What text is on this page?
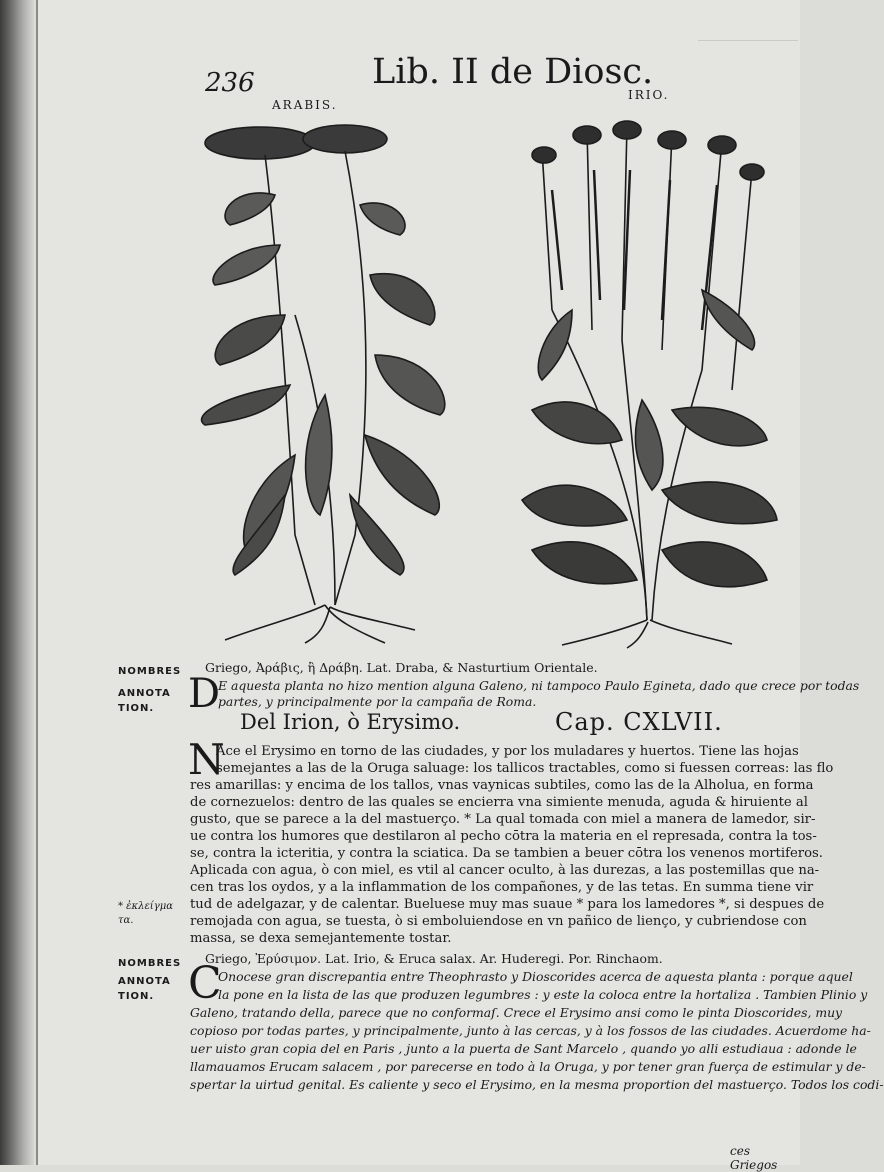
236	Lib. II de Diosc.
ARABIS.
IRIO.
NOMBRES Griego, Ἀράβις, ἢ Δράβη. Lat. Draba, & Nasturtium Orientale.
ANNOTA
TION. D
E aquesta planta no hizo mention alguna Galeno, ni tampoco Paulo Egineta, dado que crece por todas
partes, y principalmente por la campaña de Roma.
Del Irion, ò Erysimo.	Cap. CXLVII.
N
Ace el Erysimo en torno de las ciudades, y por los muladares y huertos. Tiene las hojas
semejantes a las de la Oruga saluage: los tallicos tractables, como si fuessen correas: las flo
res amarillas: y encima de los tallos, vnas vaynicas subtiles, como las de la Alholua, en forma
de cornezuelos: dentro de las quales se encierra vna simiente menuda, aguda & hiruiente al
gusto, que se parece a la del mastuerço. * La qual tomada con miel a manera de lamedor, sir-
ue contra los humores que destilaron al pecho cōtra la materia en el represada, contra la tos-
se, contra la icteritia, y contra la sciatica. Da se tambien a beuer cōtra los venenos mortiferos.
Aplicada con agua, ò con miel, es vtil al cancer oculto, à las durezas, a las postemillas que na-
cen tras los oydos, y a la inflammation de los compañones, y de las tetas. En summa tiene vir
tud de adelgazar, y de calentar. Bueluese muy mas suaue * para los lamedores *, si despues de
remojada con agua, se tuesta, ò si emboluiendose en vn pañico de lienço, y cubriendose con
massa, se dexa semejantemente tostar.
* ἐκλείγμα
τα.
NOMBRES Griego, Ἐρύσιμον. Lat. Irio, & Eruca salax. Ar. Huderegi. Por. Rinchaom.
ANNOTA
TION. C
Onocese gran discrepantia entre Theophrasto y Dioscorides acerca de aquesta planta : porque aquel
la pone en la lista de las que produzen legumbres : y este la coloca entre la hortaliza . Tambien Plinio y
Galeno, tratando della, parece que no conformaſ. Crece el Erysimo ansi como le pinta Dioscorides, muy
copioso por todas partes, y principalmente, junto à las cercas, y à los fossos de las ciudades. Acuerdome ha-
uer uisto gran copia del en Paris , junto a la puerta de Sant Marcelo , quando yo alli estudiaua : adonde le
llamauamos Erucam salacem , por parecerse en todo à la Oruga, y por tener gran fuerça de estimular y de-
spertar la uirtud genital. Es caliente y seco el Erysimo, en la mesma proportion del mastuerço. Todos los codi-
ces Griegos
